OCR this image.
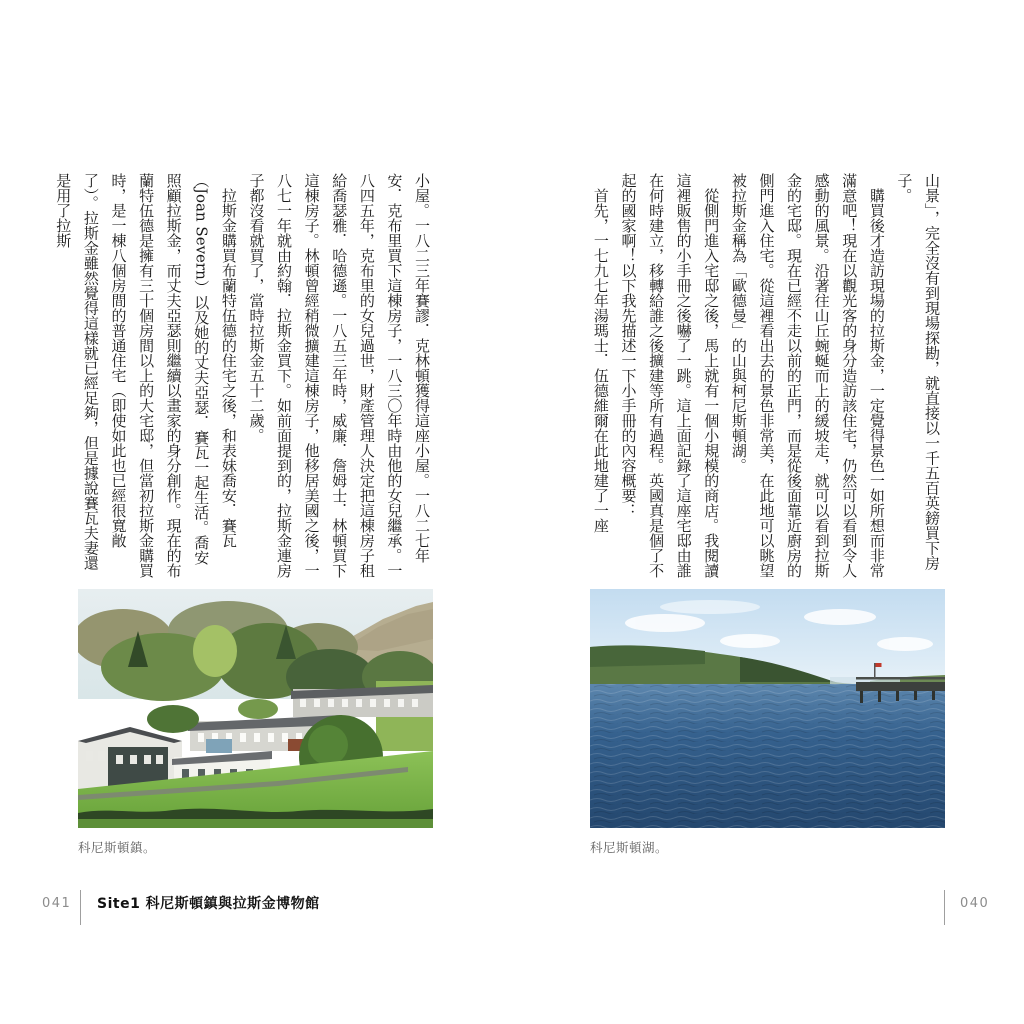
山景」，完全沒有到現場探勘，就直接以一千五百英鎊買下房子。

購買後才造訪現場的拉斯金，一定覺得景色一如所想而非常滿意吧！現在以觀光客的身分造訪該住宅，仍然可以看到令人感動的風景。沿著往山丘蜿蜒而上的緩坡走，就可以看到拉斯金的宅邸。現在已經不走以前的正門，而是從後面靠近廚房的側門進入住宅。從這裡看出去的景色非常美，在此地可以眺望被拉斯金稱為「歐德曼」的山與柯尼斯頓湖。

從側門進入宅邸之後，馬上就有一個小規模的商店。我閱讀這裡販售的小手冊之後嚇了一跳。這上面記錄了這座宅邸由誰在何時建立，移轉給誰之後擴建等所有過程。英國真是個了不起的國家啊！以下我先描述一下小手冊的內容概要：

首先，一七九七年湯瑪士．伍德維爾在此地建了一座

小屋。一八二三年賽謬．克林頓獲得這座小屋。一八二七年安．克布里買下這棟房子，一八三〇年時由他的女兒繼承。一八四五年，克布里的女兒過世，財產管理人決定把這棟房子租給喬瑟雅．哈德遜。一八五三年時，威廉．詹姆士．林頓買下這棟房子。林頓曾經稍微擴建這棟房子，他移居美國之後，一八七一年就由約翰．拉斯金買下。如前面提到的，拉斯金連房子都沒看就買了，當時拉斯金五十二歲。

拉斯金購買布蘭特伍德的住宅之後，和表妹喬安．賽瓦（Joan Severn）以及她的丈夫亞瑟．賽瓦一起生活。喬安照顧拉斯金，而丈夫亞瑟則繼續以畫家的身分創作。現在的布蘭特伍德是擁有三十個房間以上的大宅邸，但當初拉斯金購買時，是一棟八個房間的普通住宅（即使如此也已經很寬敞了）。拉斯金雖然覺得這樣就已經足夠，但是據說賽瓦夫妻還是用了拉斯

科尼斯頓鎮。	科尼斯頓湖。
041 Site1 科尼斯頓鎮與拉斯金博物館	040
